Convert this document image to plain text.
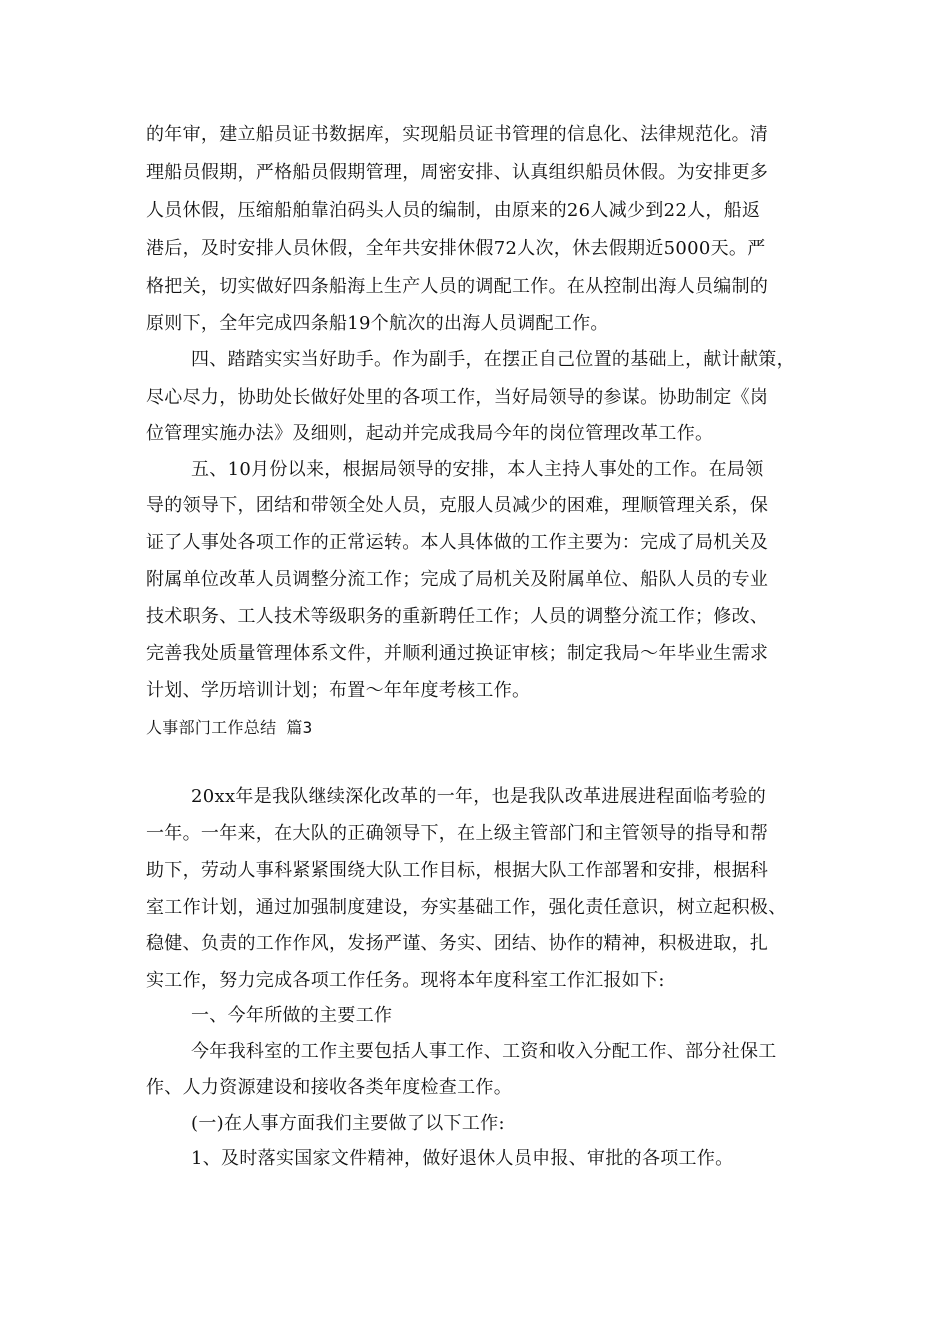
的年审，建立船员证书数据库，实现船员证书管理的信息化、法律规范化。清
理船员假期，严格船员假期管理，周密安排、认真组织船员休假。为安排更多
人员休假，压缩船舶靠泊码头人员的编制，由原来的26人减少到22人，船返
港后，及时安排人员休假，全年共安排休假72人次，休去假期近5000天。严
格把关，切实做好四条船海上生产人员的调配工作。在从控制出海人员编制的
原则下，全年完成四条船19个航次的出海人员调配工作。
四、踏踏实实当好助手。作为副手，在摆正自己位置的基础上，献计献策，
尽心尽力，协助处长做好处里的各项工作，当好局领导的参谋。协助制定《岗
位管理实施办法》及细则，起动并完成我局今年的岗位管理改革工作。
五、10月份以来，根据局领导的安排，本人主持人事处的工作。在局领
导的领导下，团结和带领全处人员，克服人员减少的困难，理顺管理关系，保
证了人事处各项工作的正常运转。本人具体做的工作主要为：完成了局机关及
附属单位改革人员调整分流工作；完成了局机关及附属单位、船队人员的专业
技术职务、工人技术等级职务的重新聘任工作；人员的调整分流工作；修改、
完善我处质量管理体系文件，并顺利通过换证审核；制定我局～年毕业生需求
计划、学历培训计划；布置～年年度考核工作。
人事部门工作总结 篇3
20xx年是我队继续深化改革的一年，也是我队改革进展进程面临考验的
一年。一年来，在大队的正确领导下，在上级主管部门和主管领导的指导和帮
助下，劳动人事科紧紧围绕大队工作目标，根据大队工作部署和安排，根据科
室工作计划，通过加强制度建设，夯实基础工作，强化责任意识，树立起积极、
稳健、负责的工作作风，发扬严谨、务实、团结、协作的精神，积极进取，扎
实工作，努力完成各项工作任务。现将本年度科室工作汇报如下:
一、今年所做的主要工作
今年我科室的工作主要包括人事工作、工资和收入分配工作、部分社保工
作、人力资源建设和接收各类年度检查工作。
(一)在人事方面我们主要做了以下工作:
1、及时落实国家文件精神，做好退休人员申报、审批的各项工作。
